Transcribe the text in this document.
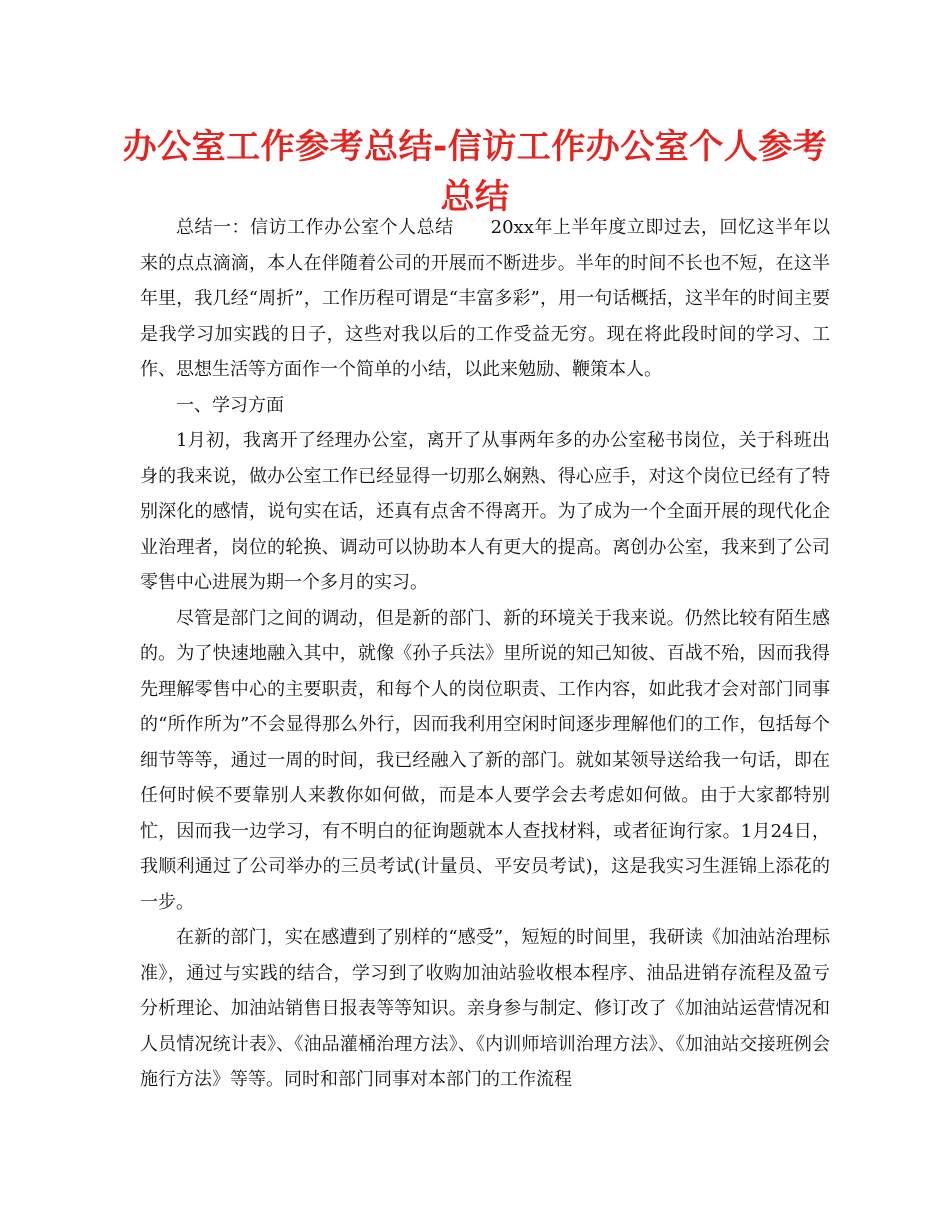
办公室工作参考总结-信访工作办公室个人参考总结

总结一：信访工作办公室个人总结　　20xx年上半年度立即过去，回忆这半年以来的点点滴滴，本人在伴随着公司的开展而不断进步。半年的时间不长也不短，在这半年里，我几经“周折”，工作历程可谓是“丰富多彩”，用一句话概括，这半年的时间主要是我学习加实践的日子，这些对我以后的工作受益无穷。现在将此段时间的学习、工作、思想生活等方面作一个简单的小结，以此来勉励、鞭策本人。

一、学习方面

1月初，我离开了经理办公室，离开了从事两年多的办公室秘书岗位，关于科班出身的我来说，做办公室工作已经显得一切那么娴熟、得心应手，对这个岗位已经有了特别深化的感情，说句实在话，还真有点舍不得离开。为了成为一个全面开展的现代化企业治理者，岗位的轮换、调动可以协助本人有更大的提高。离创办公室，我来到了公司零售中心进展为期一个多月的实习。

尽管是部门之间的调动，但是新的部门、新的环境关于我来说。仍然比较有陌生感的。为了快速地融入其中，就像《孙子兵法》里所说的知己知彼、百战不殆，因而我得先理解零售中心的主要职责，和每个人的岗位职责、工作内容，如此我才会对部门同事的“所作所为”不会显得那么外行，因而我利用空闲时间逐步理解他们的工作，包括每个细节等等，通过一周的时间，我已经融入了新的部门。就如某领导送给我一句话，即在任何时候不要靠别人来教你如何做，而是本人要学会去考虑如何做。由于大家都特别忙，因而我一边学习，有不明白的征询题就本人查找材料，或者征询行家。1月24日，我顺利通过了公司举办的三员考试(计量员、平安员考试)，这是我实习生涯锦上添花的一步。

在新的部门，实在感遭到了别样的“感受”，短短的时间里，我研读《加油站治理标准》，通过与实践的结合，学习到了收购加油站验收根本程序、油品进销存流程及盈亏分析理论、加油站销售日报表等等知识。亲身参与制定、修订改了《加油站运营情况和人员情况统计表》、《油品灌桶治理方法》、《内训师培训治理方法》、《加油站交接班例会施行方法》等等。同时和部门同事对本部门的工作流程
